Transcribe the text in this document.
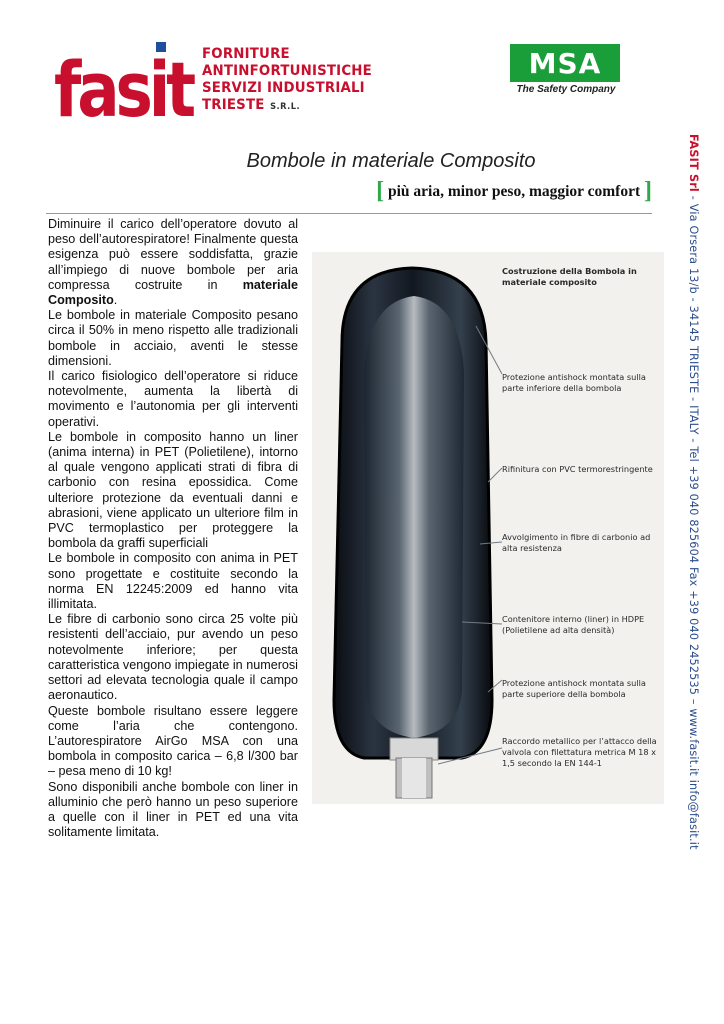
fasit FORNITURE
ANTINFORTUNISTICHE
SERVIZI INDUSTRIALI
TRIESTE S.R.L.
MSA
The Safety Company
Bombole in materiale Composito
[ più aria, minor peso, maggior comfort ]

Diminuire il carico dell’operatore dovuto al peso dell’autorespiratore! Finalmente questa esigenza può essere soddisfatta, grazie all’impiego di nuove bombole per aria compressa costruite in materiale Composito.

Le bombole in materiale Composito pesano circa il 50% in meno rispetto alle tradizionali bombole in acciaio, aventi le stesse dimensioni.

Il carico fisiologico dell’operatore si riduce notevolmente, aumenta la libertà di movimento e l’autonomia per gli interventi operativi.

Le bombole in composito hanno un liner (anima interna) in PET (Polietilene), intorno al quale vengono applicati strati di fibra di carbonio con resina epossidica. Come ulteriore protezione da eventuali danni e abrasioni, viene applicato un ulteriore film in PVC termoplastico per proteggere la bombola da graffi superficiali

Le bombole in composito con anima in PET sono progettate e costituite secondo la norma EN 12245:2009 ed hanno vita illimitata.

Le fibre di carbonio sono circa 25 volte più resistenti dell’acciaio, pur avendo un peso notevolmente inferiore; per questa caratteristica vengono impiegate in numerosi settori ad elevata tecnologia quale il campo aeronautico.

Queste bombole risultano essere leggere come l’aria che contengono. L’autorespiratore AirGo MSA con una bombola in composito carica – 6,8 l/300 bar – pesa meno di 10 kg!

Sono disponibili anche bombole con liner in alluminio che però hanno un peso superiore a quelle con il liner in PET ed una vita solitamente limitata.

Costruzione della Bombola in materiale composito
Protezione antishock montata sulla parte inferiore della bombola
Rifinitura con PVC termorestringente
Avvolgimento in fibre di carbonio ad alta resistenza
Contenitore interno (liner) in HDPE (Polietilene ad alta densità)
Protezione antishock montata sulla parte superiore della bombola
Raccordo metallico per l’attacco della valvola con filettatura metrica M 18 x 1,5 secondo la EN 144-1
FASIT Srl - Via Orsera 13/b - 34145 TRIESTE - ITALY - Tel +39 040 825604 Fax +39 040 2452535 – www.fasit.it info@fasit.it
